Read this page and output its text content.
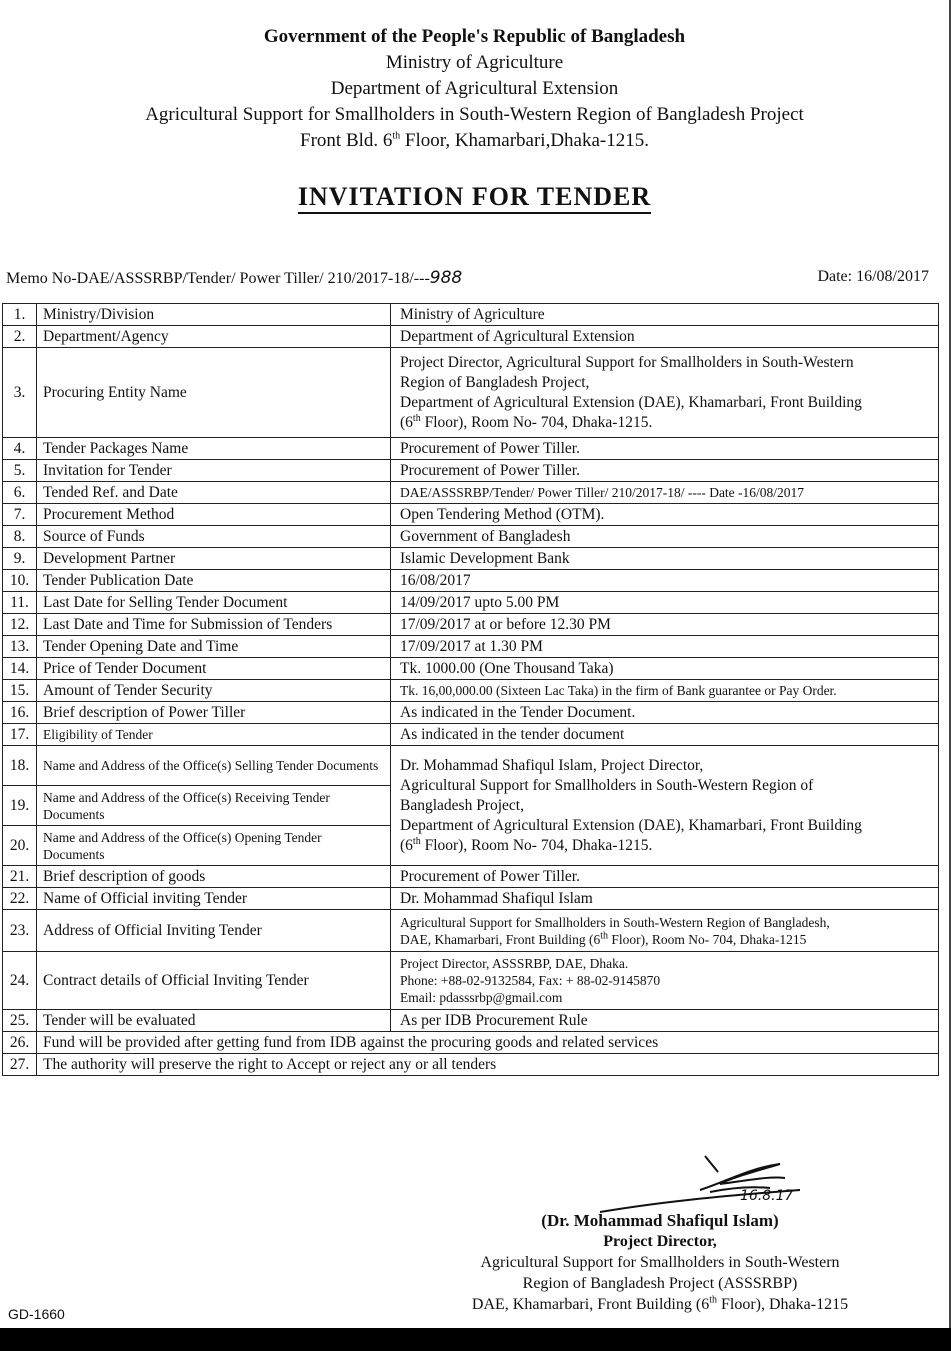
Government of the People's Republic of Bangladesh
Ministry of Agriculture
Department of Agricultural Extension
Agricultural Support for Smallholders in South-Western Region of Bangladesh Project
Front Bld. 6th Floor, Khamarbari,Dhaka-1215.
INVITATION FOR TENDER
Memo No-DAE/ASSSRBP/Tender/ Power Tiller/ 210/2017-18/---988	Date: 16/08/2017
1.	Ministry/Division	Ministry of Agriculture
2.	Department/Agency	Department of Agricultural Extension
3.	Procuring Entity Name	Project Director, Agricultural Support for Smallholders in South-Western
Region of Bangladesh Project,
Department of Agricultural Extension (DAE), Khamarbari, Front Building
(6th Floor), Room No- 704, Dhaka-1215.

4.	Tender Packages Name	Procurement of Power Tiller.
5.	Invitation for Tender	Procurement of Power Tiller.
6.	Tended Ref. and Date	DAE/ASSSRBP/Tender/ Power Tiller/ 210/2017-18/ ---- Date -16/08/2017
7.	Procurement Method	Open Tendering Method (OTM).
8.	Source of Funds	Government of Bangladesh
9.	Development Partner	Islamic Development Bank
10.	Tender Publication Date	16/08/2017
11.	Last Date for Selling Tender Document	14/09/2017 upto 5.00 PM
12.	Last Date and Time for Submission of Tenders	17/09/2017 at or before 12.30 PM
13.	Tender Opening Date and Time	17/09/2017 at 1.30 PM
14.	Price of Tender Document	Tk. 1000.00 (One Thousand Taka)
15.	Amount of Tender Security	Tk. 16,00,000.00 (Sixteen Lac Taka) in the firm of Bank guarantee or Pay Order.
16.	Brief description of Power Tiller	As indicated in the Tender Document.
17.	Eligibility of Tender	As indicated in the tender document
18.	Name and Address of the Office(s) Selling Tender Documents	Dr. Mohammad Shafiqul Islam, Project Director,
Agricultural Support for Smallholders in South-Western Region of
Bangladesh Project,
Department of Agricultural Extension (DAE), Khamarbari, Front Building
(6th Floor), Room No- 704, Dhaka-1215.

19.	Name and Address of the Office(s) Receiving Tender Documents	
20.	Name and Address of the Office(s) Opening Tender Documents	
21.	Brief description of goods	Procurement of Power Tiller.
22.	Name of Official inviting Tender	Dr. Mohammad Shafiqul Islam
23.	Address of Official Inviting Tender	Agricultural Support for Smallholders in South-Western Region of Bangladesh,
DAE, Khamarbari, Front Building (6th Floor), Room No- 704, Dhaka-1215

24.	Contract details of Official Inviting Tender	Project Director, ASSSRBP, DAE, Dhaka.
Phone: +88-02-9132584, Fax: + 88-02-9145870
Email: pdasssrbp@gmail.com

25.	Tender will be evaluated	As per IDB Procurement Rule
26.	Fund will be provided after getting fund from IDB against the procuring goods and related services	
27.	The authority will preserve the right to Accept or reject any or all tenders	
16.8.17
(Dr. Mohammad Shafiqul Islam)
Project Director,
Agricultural Support for Smallholders in South-Western
Region of Bangladesh Project (ASSSRBP)
DAE, Khamarbari, Front Building (6th Floor), Dhaka-1215
GD-1660
